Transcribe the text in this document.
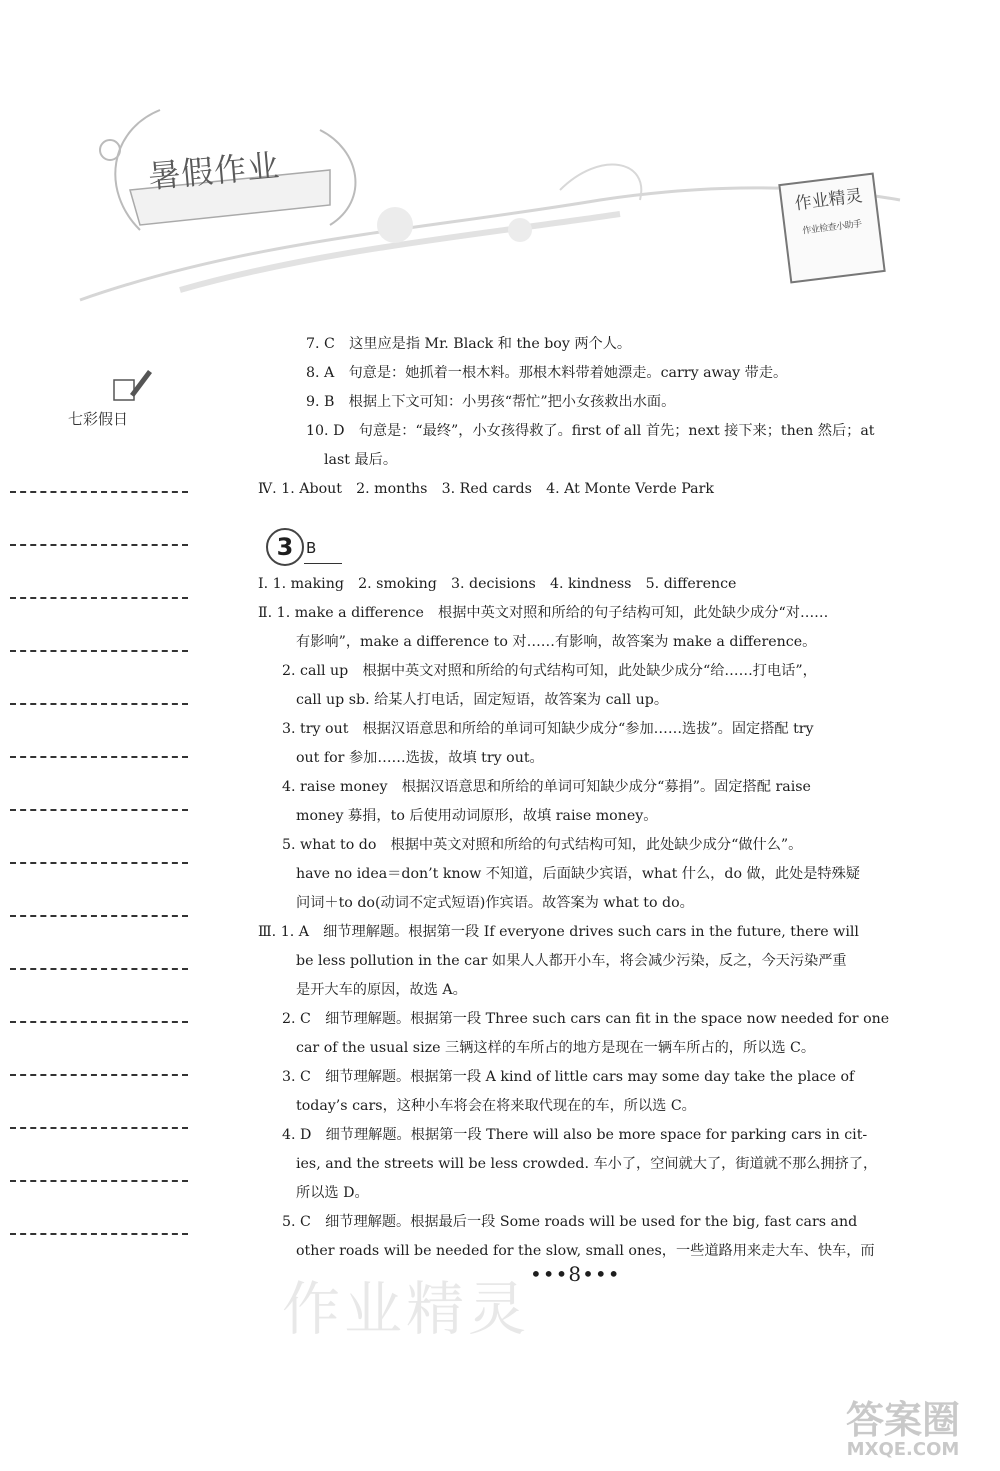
暑假作业
作业精灵
作业检查小助手
七彩假日
7. C　这里应是指 Mr. Black 和 the boy 两个人。
8. A　句意是：她抓着一根木料。那根木料带着她漂走。carry away 带走。
9. B　根据上下文可知：小男孩“帮忙”把小女孩救出水面。
10. D　句意是：“最终”，小女孩得救了。first of all 首先；next 接下来；then 然后；at
last 最后。
Ⅳ. 1. About　2. months　3. Red cards　4. At Monte Verde Park
3 B
Ⅰ. 1. making　2. smoking　3. decisions　4. kindness　5. difference
Ⅱ. 1. make a difference　根据中英文对照和所给的句子结构可知，此处缺少成分“对……
有影响”，make a difference to 对……有影响，故答案为 make a difference。
2. call up　根据中英文对照和所给的句式结构可知，此处缺少成分“给……打电话”，
call up sb. 给某人打电话，固定短语，故答案为 call up。
3. try out　根据汉语意思和所给的单词可知缺少成分“参加……选拔”。固定搭配 try
out for 参加……选拔，故填 try out。
4. raise money　根据汉语意思和所给的单词可知缺少成分“募捐”。固定搭配 raise
money 募捐，to 后使用动词原形，故填 raise money。
5. what to do　根据中英文对照和所给的句式结构可知，此处缺少成分“做什么”。
have no idea＝don’t know 不知道，后面缺少宾语，what 什么，do 做，此处是特殊疑
问词＋to do(动词不定式短语)作宾语。故答案为 what to do。
Ⅲ. 1. A　细节理解题。根据第一段 If everyone drives such cars in the future, there will
be less pollution in the car 如果人人都开小车，将会减少污染，反之，今天污染严重
是开大车的原因，故选 A。
2. C　细节理解题。根据第一段 Three such cars can fit in the space now needed for one
car of the usual size 三辆这样的车所占的地方是现在一辆车所占的，所以选 C。
3. C　细节理解题。根据第一段 A kind of little cars may some day take the place of
today’s cars，这种小车将会在将来取代现在的车，所以选 C。
4. D　细节理解题。根据第一段 There will also be more space for parking cars in cit-
ies, and the streets will be less crowded. 车小了，空间就大了，街道就不那么拥挤了，
所以选 D。
5. C　细节理解题。根据最后一段 Some roads will be used for the big, fast cars and
other roads will be needed for the slow, small ones，一些道路用来走大车、快车，而
作业精灵
•••8•••
答案圈
MXQE.COM
